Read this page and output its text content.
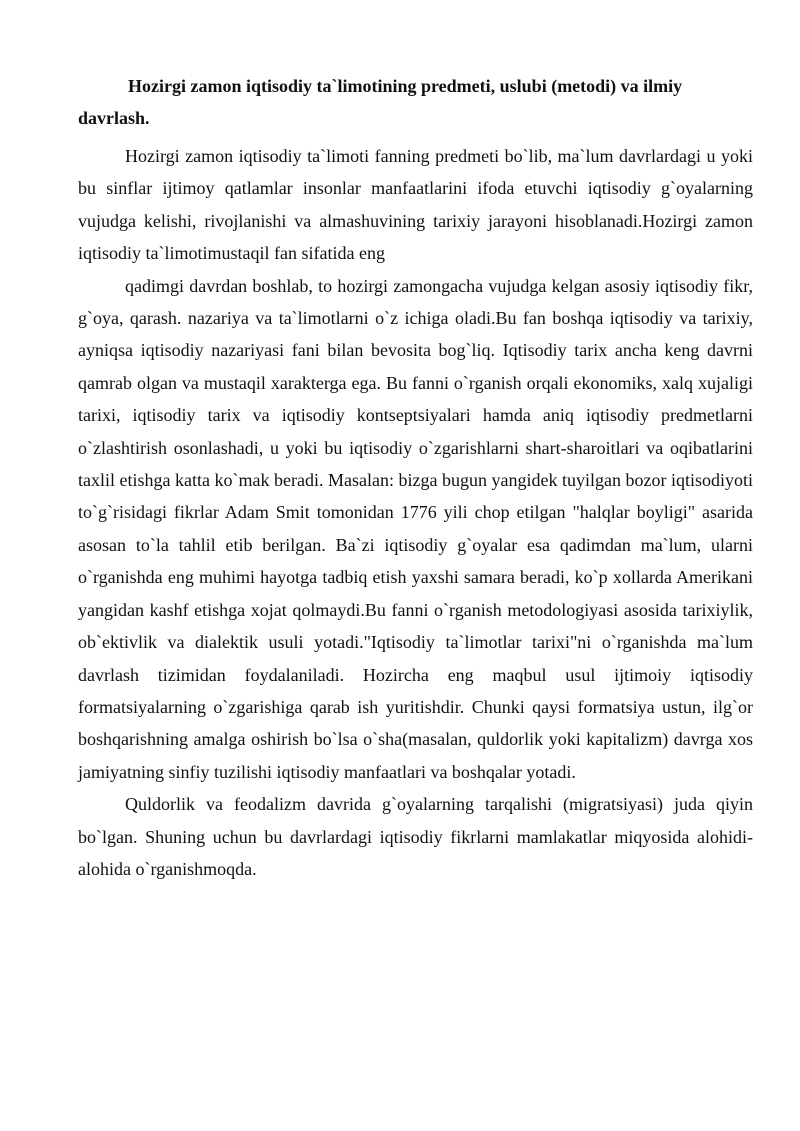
Hozirgi zamon iqtisodiy ta`limotining predmeti, uslubi (metodi) va ilmiy davrlash.

Hozirgi zamon iqtisodiy ta`limoti fanning predmeti bo`lib, ma`lum davrlardagi u yoki bu sinflar ijtimoy qatlamlar insonlar manfaatlarini ifoda etuvchi iqtisodiy g`oyalarning vujudga kelishi, rivojlanishi va almashuvining tarixiy jarayoni hisoblanadi.Hozirgi zamon iqtisodiy ta`limotimustaqil fan sifatida eng

qadimgi davrdan boshlab, to hozirgi zamongacha vujudga kelgan asosiy iqtisodiy fikr, g`oya, qarash. nazariya va ta`limotlarni o`z ichiga oladi.Bu fan boshqa iqtisodiy va tarixiy, ayniqsa iqtisodiy nazariyasi fani bilan bevosita bog`liq. Iqtisodiy tarix ancha keng davrni qamrab olgan va mustaqil xarakterga ega. Bu fanni o`rganish orqali ekonomiks, xalq xujaligi tarixi, iqtisodiy tarix va iqtisodiy kontseptsiyalari hamda aniq iqtisodiy predmetlarni o`zlashtirish osonlashadi, u yoki bu iqtisodiy o`zgarishlarni shart-sharoitlari va oqibatlarini taxlil etishga katta ko`mak beradi. Masalan: bizga bugun yangidek tuyilgan bozor iqtisodiyoti to`g`risidagi fikrlar Adam Smit tomonidan 1776 yili chop etilgan "halqlar boyligi" asarida asosan to`la tahlil etib berilgan. Ba`zi iqtisodiy g`oyalar esa qadimdan ma`lum, ularni o`rganishda eng muhimi hayotga tadbiq etish yaxshi samara beradi, ko`p xollarda Amerikani yangidan kashf etishga xojat qolmaydi.Bu fanni o`rganish metodologiyasi asosida tarixiylik, ob`ektivlik va dialektik usuli yotadi."Iqtisodiy ta`limotlar tarixi"ni o`rganishda ma`lum davrlash tizimidan foydalaniladi. Hozircha eng maqbul usul ijtimoiy iqtisodiy formatsiyalarning o`zgarishiga qarab ish yuritishdir. Chunki qaysi formatsiya ustun, ilg`or boshqarishning amalga oshirish bo`lsa o`sha(masalan, quldorlik yoki kapitalizm) davrga xos jamiyatning sinfiy tuzilishi iqtisodiy manfaatlari va boshqalar yotadi.

Quldorlik va feodalizm davrida g`oyalarning tarqalishi (migratsiyasi) juda qiyin bo`lgan. Shuning uchun bu davrlardagi iqtisodiy fikrlarni mamlakatlar miqyosida alohidi-alohida o`rganishmoqda.
